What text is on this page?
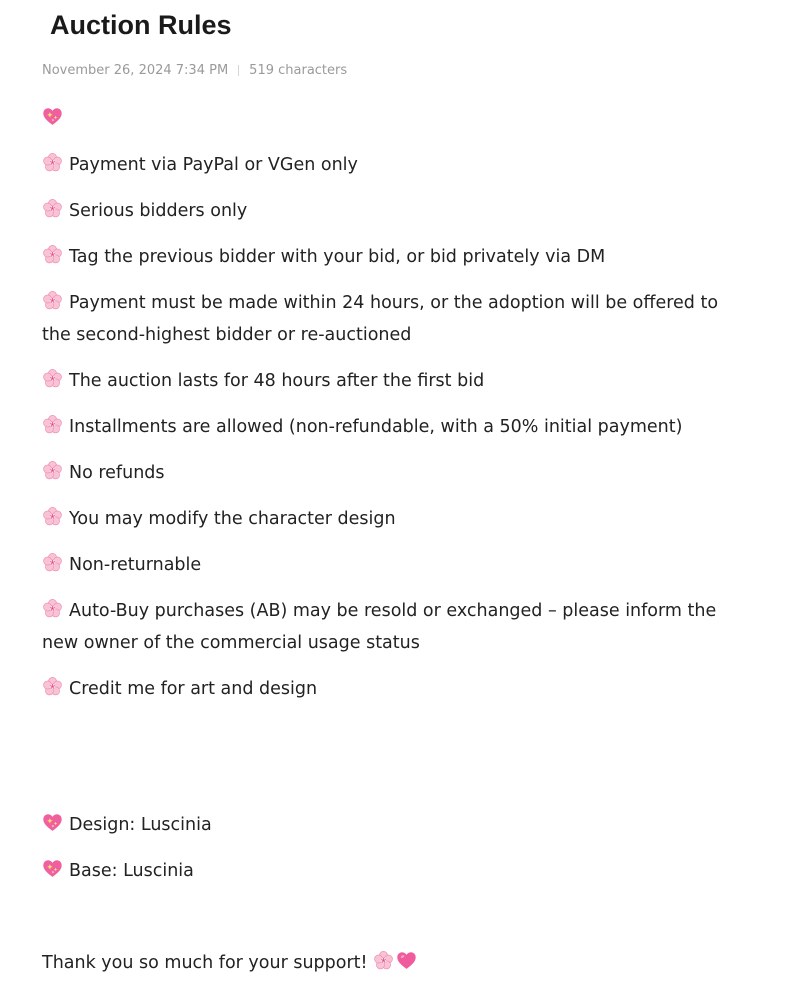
Auction Rules
November 26, 2024 7:34 PM 519 characters
Payment via PayPal or VGen only
Serious bidders only
Tag the previous bidder with your bid, or bid privately via DM
Payment must be made within 24 hours, or the adoption will be offered to the second-highest bidder or re-auctioned
The auction lasts for 48 hours after the first bid
Installments are allowed (non-refundable, with a 50% initial payment)
No refunds
You may modify the character design
Non-returnable
Auto-Buy purchases (AB) may be resold or exchanged – please inform the new owner of the commercial usage status
Credit me for art and design
Design: Luscinia
Base: Luscinia
Thank you so much for your support!
